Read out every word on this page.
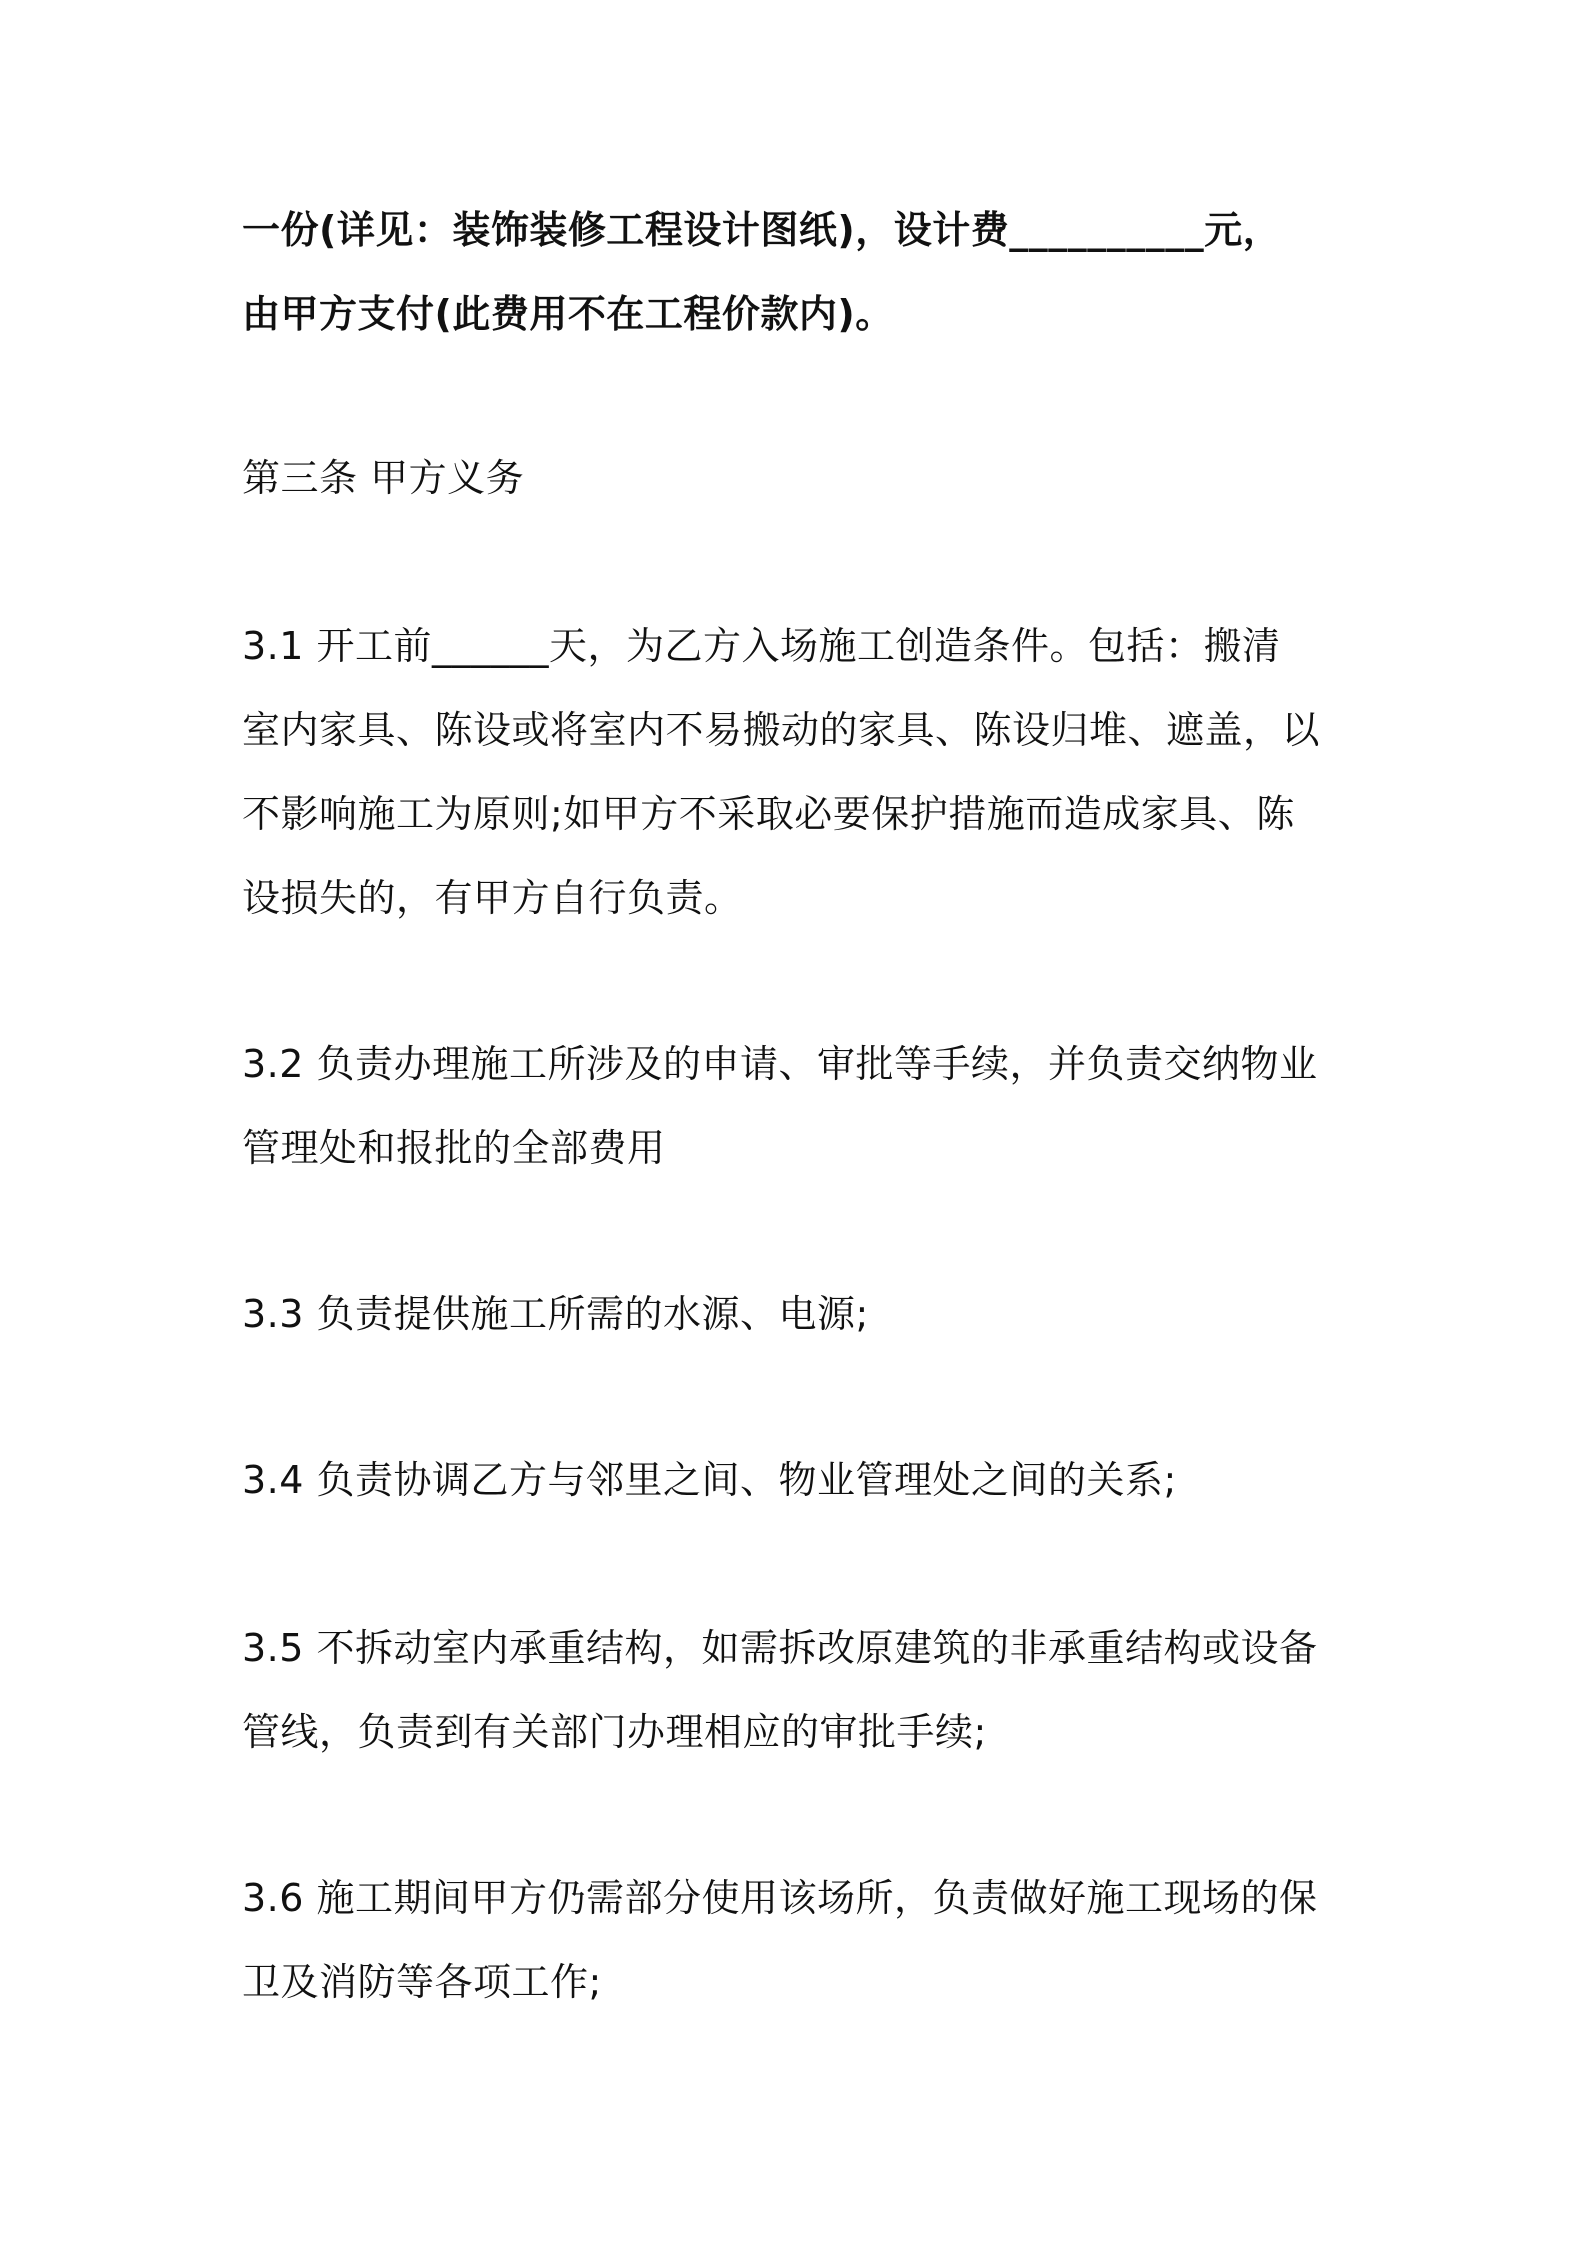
一份(详见：装饰装修工程设计图纸)，设计费__________元，
由甲方支付(此费用不在工程价款内)。

第三条 甲方义务

3.1 开工前______天，为乙方入场施工创造条件。包括：搬清
室内家具、陈设或将室内不易搬动的家具、陈设归堆、遮盖，以
不影响施工为原则;如甲方不采取必要保护措施而造成家具、陈
设损失的，有甲方自行负责。

3.2 负责办理施工所涉及的申请、审批等手续，并负责交纳物业
管理处和报批的全部费用

3.3 负责提供施工所需的水源、电源;

3.4 负责协调乙方与邻里之间、物业管理处之间的关系;

3.5 不拆动室内承重结构，如需拆改原建筑的非承重结构或设备
管线，负责到有关部门办理相应的审批手续;

3.6 施工期间甲方仍需部分使用该场所，负责做好施工现场的保
卫及消防等各项工作;
